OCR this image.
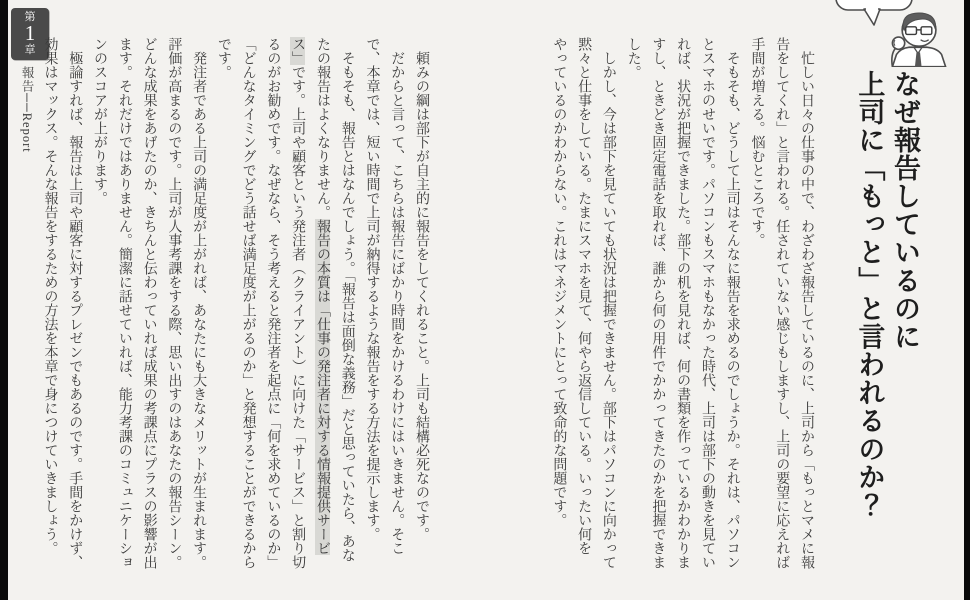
第
1
章
報告──Report	なぜ報告しているのに
上司に「もっと」と言われるのか？

忙しい日々の仕事の中で、わざわざ報告しているのに、上司から「もっとマメに報告をしてくれ」と言われる。任されていない感じもしますし、上司の要望に応えれば手間が増える。悩むところです。

そもそも、どうして上司はそんなに報告を求めるのでしょうか。それは、パソコンとスマホのせいです。パソコンもスマホもなかった時代、上司は部下の動きを見ていれば、状況が把握できました。部下の机を見れば、何の書類を作っているかわかりますし、ときどき固定電話を取れば、誰から何の用件でかかってきたのかを把握できました。

しかし、今は部下を見ていても状況は把握できません。部下はパソコンに向かって黙々と仕事をしている。たまにスマホを見て、何やら返信している。いったい何をやっているのかわからない。これはマネジメントにとって致命的な問題です。

頼みの綱は部下が自主的に報告をしてくれること。上司も結構必死なのです。

だからと言って、こちらは報告にばかり時間をかけるわけにはいきません。そこで、本章では、短い時間で上司が納得するような報告をする方法を提示します。

そもそも、報告とはなんでしょう。「報告は面倒な義務」だと思っていたら、あなたの報告はよくなりません。報告の本質は「仕事の発注者に対する情報提供サービス」です。上司や顧客という発注者（クライアント）に向けた「サービス」と割り切るのがお勧めです。なぜなら、そう考えると発注者を起点に「何を求めているのか」「どんなタイミングでどう話せば満足度が上がるのか」と発想することができるからです。

発注者である上司の満足度が上がれば、あなたにも大きなメリットが生まれます。評価が高まるのです。上司が人事考課をする際、思い出すのはあなたの報告シーン。どんな成果をあげたのか、きちんと伝わっていれば成果の考課点にプラスの影響が出ます。それだけではありません。簡潔に話せていれば、能力考課のコミュニケーションのスコアが上がります。

極論すれば、報告は上司や顧客に対するプレゼンでもあるのです。手間をかけず、効果はマックス。そんな報告をするための方法を本章で身につけていきましょう。
